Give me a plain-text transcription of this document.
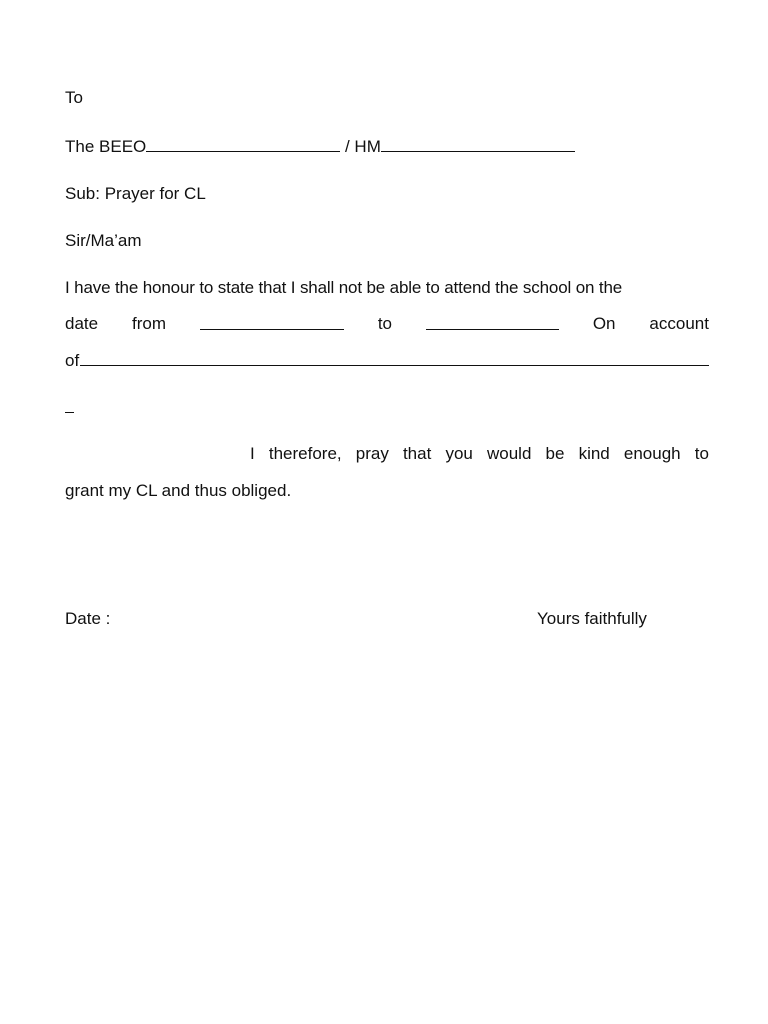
To
The BEEO	/ HM
Sub: Prayer for CL
Sir/Ma’am
I have the honour to state that I shall not be able to attend the school on the
date from	to	On account
of
I therefore, pray that you would be kind enough to
grant my CL and thus obliged.
Date :	Yours faithfully
